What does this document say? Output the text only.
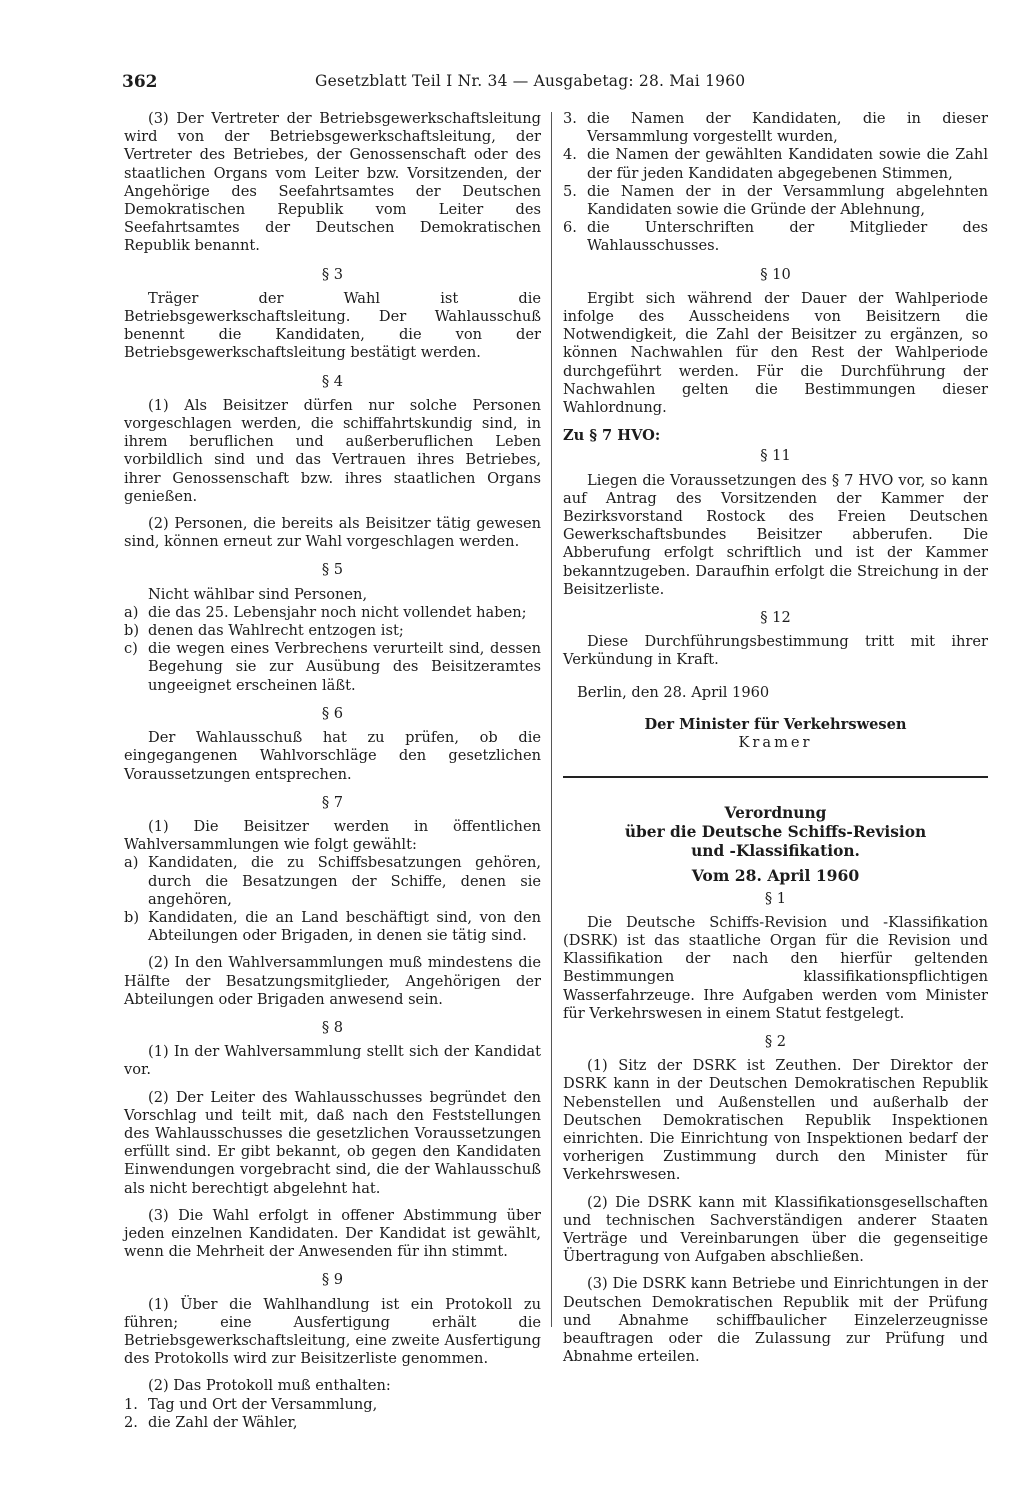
362	Gesetzblatt Teil I Nr. 34 — Ausgabetag: 28. Mai 1960

(3) Der Vertreter der Betriebsgewerkschaftsleitung wird von der Betriebsgewerkschaftsleitung, der Vertreter des Betriebes, der Genossenschaft oder des staatlichen Organs vom Leiter bzw. Vorsitzenden, der Angehörige des Seefahrtsamtes der Deutschen Demokratischen Republik vom Leiter des Seefahrtsamtes der Deutschen Demokratischen Republik benannt.

§ 3

Träger der Wahl ist die Betriebsgewerkschaftsleitung. Der Wahlausschuß benennt die Kandidaten, die von der Betriebsgewerkschaftsleitung bestätigt werden.

§ 4

(1) Als Beisitzer dürfen nur solche Personen vorgeschlagen werden, die schiffahrtskundig sind, in ihrem beruflichen und außerberuflichen Leben vorbildlich sind und das Vertrauen ihres Betriebes, ihrer Genossenschaft bzw. ihres staatlichen Organs genießen.

(2) Personen, die bereits als Beisitzer tätig gewesen sind, können erneut zur Wahl vorgeschlagen werden.

§ 5

Nicht wählbar sind Personen,

a) die das 25. Lebensjahr noch nicht vollendet haben;
b) denen das Wahlrecht entzogen ist;
c) die wegen eines Verbrechens verurteilt sind, dessen Begehung sie zur Ausübung des Beisitzeramtes ungeeignet erscheinen läßt.

§ 6

Der Wahlausschuß hat zu prüfen, ob die eingegangenen Wahlvorschläge den gesetzlichen Voraussetzungen entsprechen.

§ 7

(1) Die Beisitzer werden in öffentlichen Wahlversammlungen wie folgt gewählt:

a) Kandidaten, die zu Schiffsbesatzungen gehören, durch die Besatzungen der Schiffe, denen sie angehören,
b) Kandidaten, die an Land beschäftigt sind, von den Abteilungen oder Brigaden, in denen sie tätig sind.

(2) In den Wahlversammlungen muß mindestens die Hälfte der Besatzungsmitglieder, Angehörigen der Abteilungen oder Brigaden anwesend sein.

§ 8

(1) In der Wahlversammlung stellt sich der Kandidat vor.

(2) Der Leiter des Wahlausschusses begründet den Vorschlag und teilt mit, daß nach den Feststellungen des Wahlausschusses die gesetzlichen Voraussetzungen erfüllt sind. Er gibt bekannt, ob gegen den Kandidaten Einwendungen vorgebracht sind, die der Wahlausschuß als nicht berechtigt abgelehnt hat.

(3) Die Wahl erfolgt in offener Abstimmung über jeden einzelnen Kandidaten. Der Kandidat ist gewählt, wenn die Mehrheit der Anwesenden für ihn stimmt.

§ 9

(1) Über die Wahlhandlung ist ein Protokoll zu führen; eine Ausfertigung erhält die Betriebsgewerkschaftsleitung, eine zweite Ausfertigung des Protokolls wird zur Beisitzerliste genommen.

(2) Das Protokoll muß enthalten:

1. Tag und Ort der Versammlung,
2. die Zahl der Wähler,
3. die Namen der Kandidaten, die in dieser Versammlung vorgestellt wurden,
4. die Namen der gewählten Kandidaten sowie die Zahl der für jeden Kandidaten abgegebenen Stimmen,
5. die Namen der in der Versammlung abgelehnten Kandidaten sowie die Gründe der Ablehnung,
6. die Unterschriften der Mitglieder des Wahlausschusses.

§ 10

Ergibt sich während der Dauer der Wahlperiode infolge des Ausscheidens von Beisitzern die Notwendigkeit, die Zahl der Beisitzer zu ergänzen, so können Nachwahlen für den Rest der Wahlperiode durchgeführt werden. Für die Durchführung der Nachwahlen gelten die Bestimmungen dieser Wahlordnung.

Zu § 7 HVO:

§ 11

Liegen die Voraussetzungen des § 7 HVO vor, so kann auf Antrag des Vorsitzenden der Kammer der Bezirksvorstand Rostock des Freien Deutschen Gewerkschaftsbundes Beisitzer abberufen. Die Abberufung erfolgt schriftlich und ist der Kammer bekanntzugeben. Daraufhin erfolgt die Streichung in der Beisitzerliste.

§ 12

Diese Durchführungsbestimmung tritt mit ihrer Verkündung in Kraft.

Berlin, den 28. April 1960

Der Minister für Verkehrswesen

Kramer

Verordnung

über die Deutsche Schiffs-Revision

und -Klassifikation.

Vom 28. April 1960

§ 1

Die Deutsche Schiffs-Revision und -Klassifikation (DSRK) ist das staatliche Organ für die Revision und Klassifikation der nach den hierfür geltenden Bestimmungen klassifikationspflichtigen Wasserfahrzeuge. Ihre Aufgaben werden vom Minister für Verkehrswesen in einem Statut festgelegt.

§ 2

(1) Sitz der DSRK ist Zeuthen. Der Direktor der DSRK kann in der Deutschen Demokratischen Republik Nebenstellen und Außenstellen und außerhalb der Deutschen Demokratischen Republik Inspektionen einrichten. Die Einrichtung von Inspektionen bedarf der vorherigen Zustimmung durch den Minister für Verkehrswesen.

(2) Die DSRK kann mit Klassifikationsgesellschaften und technischen Sachverständigen anderer Staaten Verträge und Vereinbarungen über die gegenseitige Übertragung von Aufgaben abschließen.

(3) Die DSRK kann Betriebe und Einrichtungen in der Deutschen Demokratischen Republik mit der Prüfung und Abnahme schiffbaulicher Einzelerzeugnisse beauftragen oder die Zulassung zur Prüfung und Abnahme erteilen.
